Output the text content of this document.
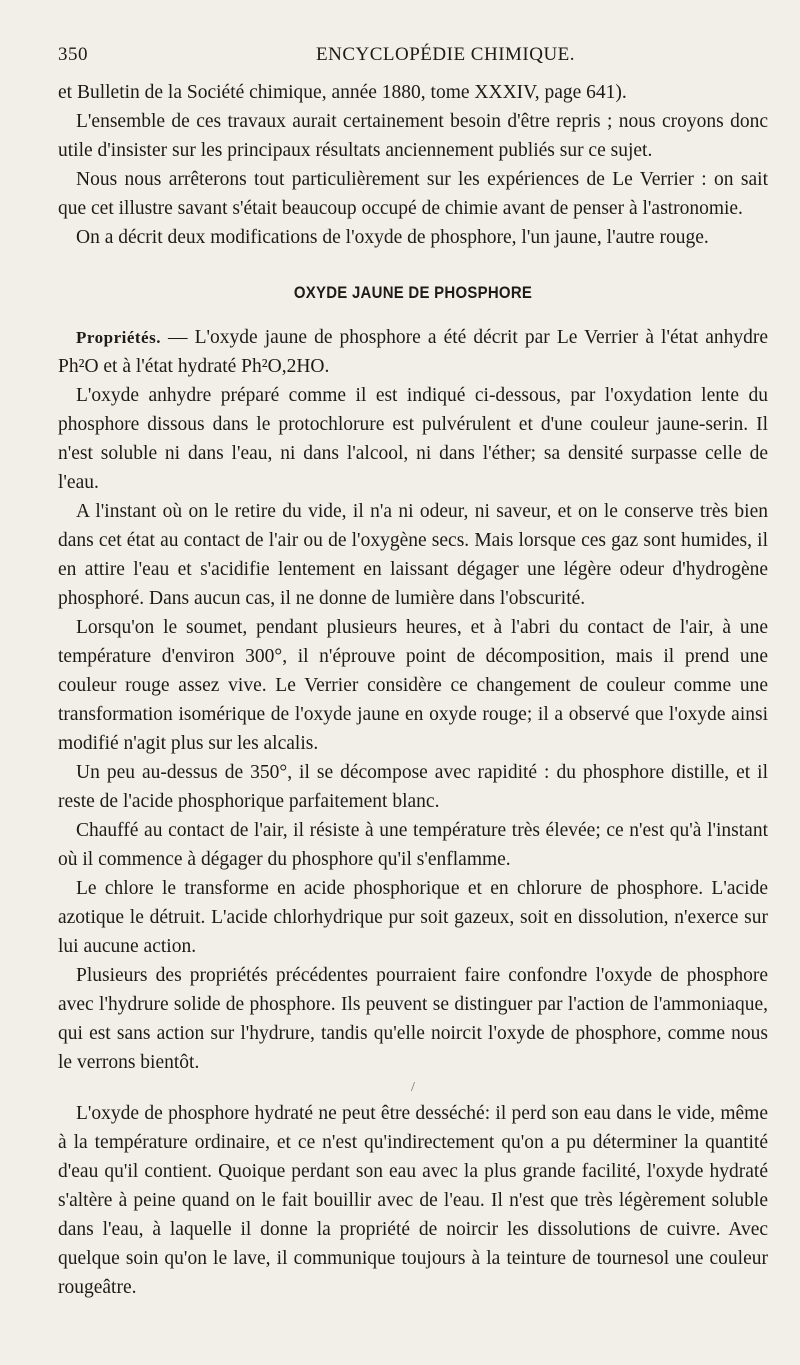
350	ENCYCLOPÉDIE CHIMIQUE.

et Bulletin de la Société chimique, année 1880, tome XXXIV, page 641).

L'ensemble de ces travaux aurait certainement besoin d'être repris ; nous croyons donc utile d'insister sur les principaux résultats anciennement publiés sur ce sujet.

Nous nous arrêterons tout particulièrement sur les expériences de Le Verrier : on sait que cet illustre savant s'était beaucoup occupé de chimie avant de penser à l'astronomie.

On a décrit deux modifications de l'oxyde de phosphore, l'un jaune, l'autre rouge.

OXYDE JAUNE DE PHOSPHORE

Propriétés. — L'oxyde jaune de phosphore a été décrit par Le Verrier à l'état anhydre Ph²O et à l'état hydraté Ph²O,2HO.

L'oxyde anhydre préparé comme il est indiqué ci-dessous, par l'oxydation lente du phosphore dissous dans le protochlorure est pulvérulent et d'une couleur jaune-serin. Il n'est soluble ni dans l'eau, ni dans l'alcool, ni dans l'éther; sa densité surpasse celle de l'eau.

A l'instant où on le retire du vide, il n'a ni odeur, ni saveur, et on le conserve très bien dans cet état au contact de l'air ou de l'oxygène secs. Mais lorsque ces gaz sont humides, il en attire l'eau et s'acidifie lentement en laissant dégager une légère odeur d'hydrogène phosphoré. Dans aucun cas, il ne donne de lumière dans l'obscurité.

Lorsqu'on le soumet, pendant plusieurs heures, et à l'abri du contact de l'air, à une température d'environ 300°, il n'éprouve point de décomposition, mais il prend une couleur rouge assez vive. Le Verrier considère ce changement de couleur comme une transformation isomérique de l'oxyde jaune en oxyde rouge; il a observé que l'oxyde ainsi modifié n'agit plus sur les alcalis.

Un peu au-dessus de 350°, il se décompose avec rapidité : du phosphore distille, et il reste de l'acide phosphorique parfaitement blanc.

Chauffé au contact de l'air, il résiste à une température très élevée; ce n'est qu'à l'instant où il commence à dégager du phosphore qu'il s'enflamme.

Le chlore le transforme en acide phosphorique et en chlorure de phosphore. L'acide azotique le détruit. L'acide chlorhydrique pur soit gazeux, soit en dissolution, n'exerce sur lui aucune action.

Plusieurs des propriétés précédentes pourraient faire confondre l'oxyde de phosphore avec l'hydrure solide de phosphore. Ils peuvent se distinguer par l'action de l'ammoniaque, qui est sans action sur l'hydrure, tandis qu'elle noircit l'oxyde de phosphore, comme nous le verrons bientôt.

/

L'oxyde de phosphore hydraté ne peut être desséché: il perd son eau dans le vide, même à la température ordinaire, et ce n'est qu'indirectement qu'on a pu déterminer la quantité d'eau qu'il contient. Quoique perdant son eau avec la plus grande facilité, l'oxyde hydraté s'altère à peine quand on le fait bouillir avec de l'eau. Il n'est que très légèrement soluble dans l'eau, à laquelle il donne la propriété de noircir les dissolutions de cuivre. Avec quelque soin qu'on le lave, il communique toujours à la teinture de tournesol une couleur rougeâtre.
